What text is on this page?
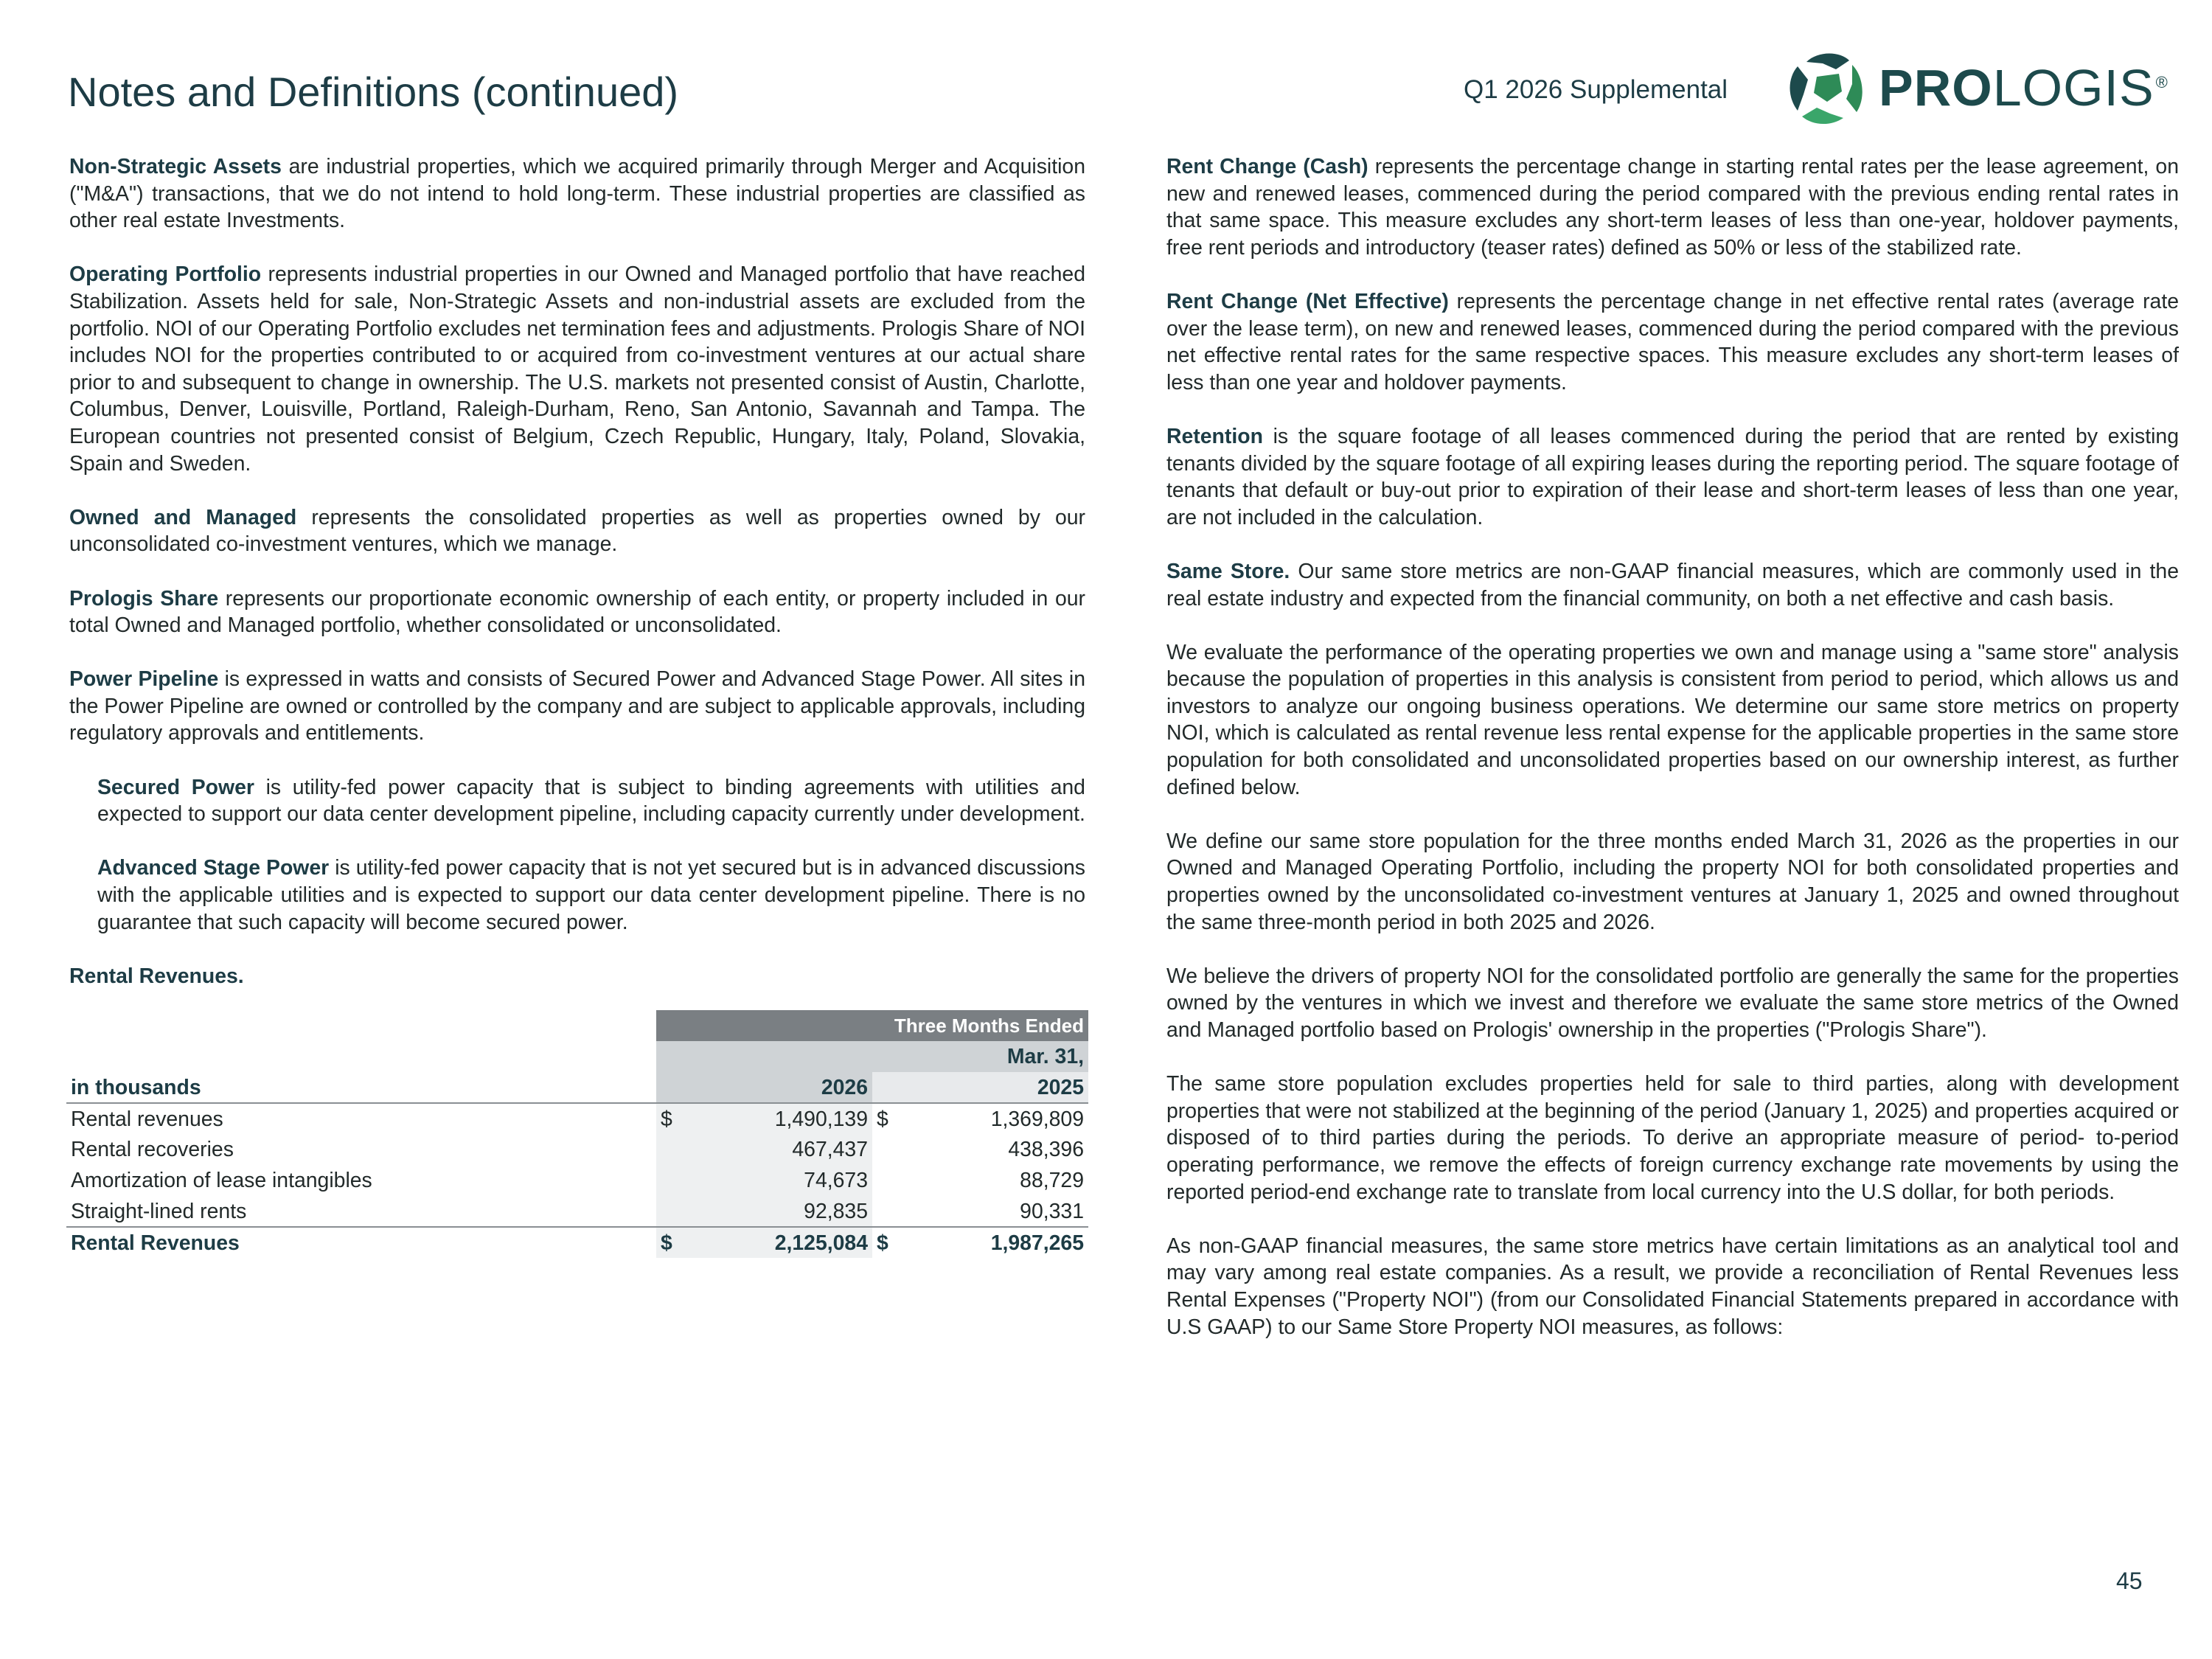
Notes and Definitions (continued)	Q1 2026 Supplemental	PROLOGIS®

Non-Strategic Assets are industrial properties, which we acquired primarily through Merger and Acquisition ("M&A") transactions, that we do not intend to hold long-term. These industrial properties are classified as other real estate Investments.

Operating Portfolio represents industrial properties in our Owned and Managed portfolio that have reached Stabilization. Assets held for sale, Non-Strategic Assets and non-industrial assets are excluded from the portfolio. NOI of our Operating Portfolio excludes net termination fees and adjustments. Prologis Share of NOI includes NOI for the properties contributed to or acquired from co-investment ventures at our actual share prior to and subsequent to change in ownership. The U.S. markets not presented consist of Austin, Charlotte, Columbus, Denver, Louisville, Portland, Raleigh-Durham, Reno, San Antonio, Savannah and Tampa. The European countries not presented consist of Belgium, Czech Republic, Hungary, Italy, Poland, Slovakia, Spain and Sweden.

Owned and Managed represents the consolidated properties as well as properties owned by our unconsolidated co-investment ventures, which we manage.

Prologis Share represents our proportionate economic ownership of each entity, or property included in our total Owned and Managed portfolio, whether consolidated or unconsolidated.

Power Pipeline is expressed in watts and consists of Secured Power and Advanced Stage Power. All sites in the Power Pipeline are owned or controlled by the company and are subject to applicable approvals, including regulatory approvals and entitlements.

Secured Power is utility-fed power capacity that is subject to binding agreements with utilities and expected to support our data center development pipeline, including capacity currently under development.

Advanced Stage Power is utility-fed power capacity that is not yet secured but is in advanced discussions with the applicable utilities and is expected to support our data center development pipeline. There is no guarantee that such capacity will become secured power.

Rental Revenues.
	Three Months Ended			
	Mar. 31,			
in thousands	2026		2025	
Rental revenues	$	1,490,139	$	1,369,809
Rental recoveries		467,437		438,396
Amortization of lease intangibles		74,673		88,729
Straight-lined rents		92,835		90,331
Rental Revenues	$	2,125,084	$	1,987,265

Rent Change (Cash) represents the percentage change in starting rental rates per the lease agreement, on new and renewed leases, commenced during the period compared with the previous ending rental rates in that same space. This measure excludes any short-term leases of less than one-year, holdover payments, free rent periods and introductory (teaser rates) defined as 50% or less of the stabilized rate.

Rent Change (Net Effective) represents the percentage change in net effective rental rates (average rate over the lease term), on new and renewed leases, commenced during the period compared with the previous net effective rental rates for the same respective spaces. This measure excludes any short-term leases of less than one year and holdover payments.

Retention is the square footage of all leases commenced during the period that are rented by existing tenants divided by the square footage of all expiring leases during the reporting period. The square footage of tenants that default or buy-out prior to expiration of their lease and short-term leases of less than one year, are not included in the calculation.

Same Store. Our same store metrics are non-GAAP financial measures, which are commonly used in the real estate industry and expected from the financial community, on both a net effective and cash basis.

We evaluate the performance of the operating properties we own and manage using a "same store" analysis because the population of properties in this analysis is consistent from period to period, which allows us and investors to analyze our ongoing business operations. We determine our same store metrics on property NOI, which is calculated as rental revenue less rental expense for the applicable properties in the same store population for both consolidated and unconsolidated properties based on our ownership interest, as further defined below.

We define our same store population for the three months ended March 31, 2026 as the properties in our Owned and Managed Operating Portfolio, including the property NOI for both consolidated properties and properties owned by the unconsolidated co-investment ventures at January 1, 2025 and owned throughout the same three-month period in both 2025 and 2026.

We believe the drivers of property NOI for the consolidated portfolio are generally the same for the properties owned by the ventures in which we invest and therefore we evaluate the same store metrics of the Owned and Managed portfolio based on Prologis' ownership in the properties ("Prologis Share").

The same store population excludes properties held for sale to third parties, along with development properties that were not stabilized at the beginning of the period (January 1, 2025) and properties acquired or disposed of to third parties during the periods. To derive an appropriate measure of period- to-period operating performance, we remove the effects of foreign currency exchange rate movements by using the reported period-end exchange rate to translate from local currency into the U.S dollar, for both periods.

As non-GAAP financial measures, the same store metrics have certain limitations as an analytical tool and may vary among real estate companies. As a result, we provide a reconciliation of Rental Revenues less Rental Expenses ("Property NOI") (from our Consolidated Financial Statements prepared in accordance with U.S GAAP) to our Same Store Property NOI measures, as follows:

45
